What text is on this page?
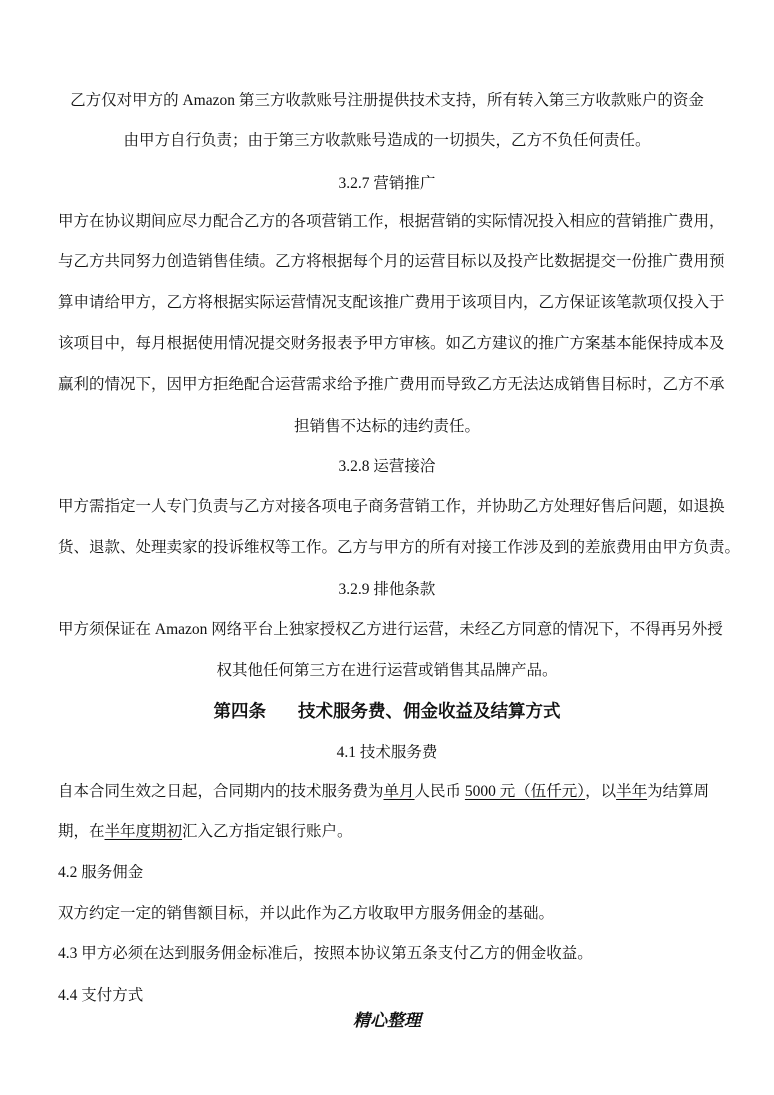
乙方仅对甲方的 Amazon 第三方收款账号注册提供技术支持，所有转入第三方收款账户的资金
由甲方自行负责；由于第三方收款账号造成的一切损失，乙方不负任何责任。
3.2.7 营销推广
甲方在协议期间应尽力配合乙方的各项营销工作，根据营销的实际情况投入相应的营销推广费用，
与乙方共同努力创造销售佳绩。乙方将根据每个月的运营目标以及投产比数据提交一份推广费用预
算申请给甲方，乙方将根据实际运营情况支配该推广费用于该项目内，乙方保证该笔款项仅投入于
该项目中，每月根据使用情况提交财务报表予甲方审核。如乙方建议的推广方案基本能保持成本及
赢利的情况下，因甲方拒绝配合运营需求给予推广费用而导致乙方无法达成销售目标时，乙方不承
担销售不达标的违约责任。
3.2.8 运营接洽
甲方需指定一人专门负责与乙方对接各项电子商务营销工作，并协助乙方处理好售后问题，如退换
货、退款、处理卖家的投诉维权等工作。乙方与甲方的所有对接工作涉及到的差旅费用由甲方负责。
3.2.9 排他条款
甲方须保证在 Amazon 网络平台上独家授权乙方进行运营，未经乙方同意的情况下，不得再另外授
权其他任何第三方在进行运营或销售其品牌产品。
第四条 技术服务费、佣金收益及结算方式
4.1 技术服务费
自本合同生效之日起，合同期内的技术服务费为单月人民币 5000 元（伍仟元），以半年为结算周
期，在半年度期初汇入乙方指定银行账户。
4.2 服务佣金
双方约定一定的销售额目标，并以此作为乙方收取甲方服务佣金的基础。
4.3 甲方必须在达到服务佣金标准后，按照本协议第五条支付乙方的佣金收益。
4.4 支付方式
精心整理
